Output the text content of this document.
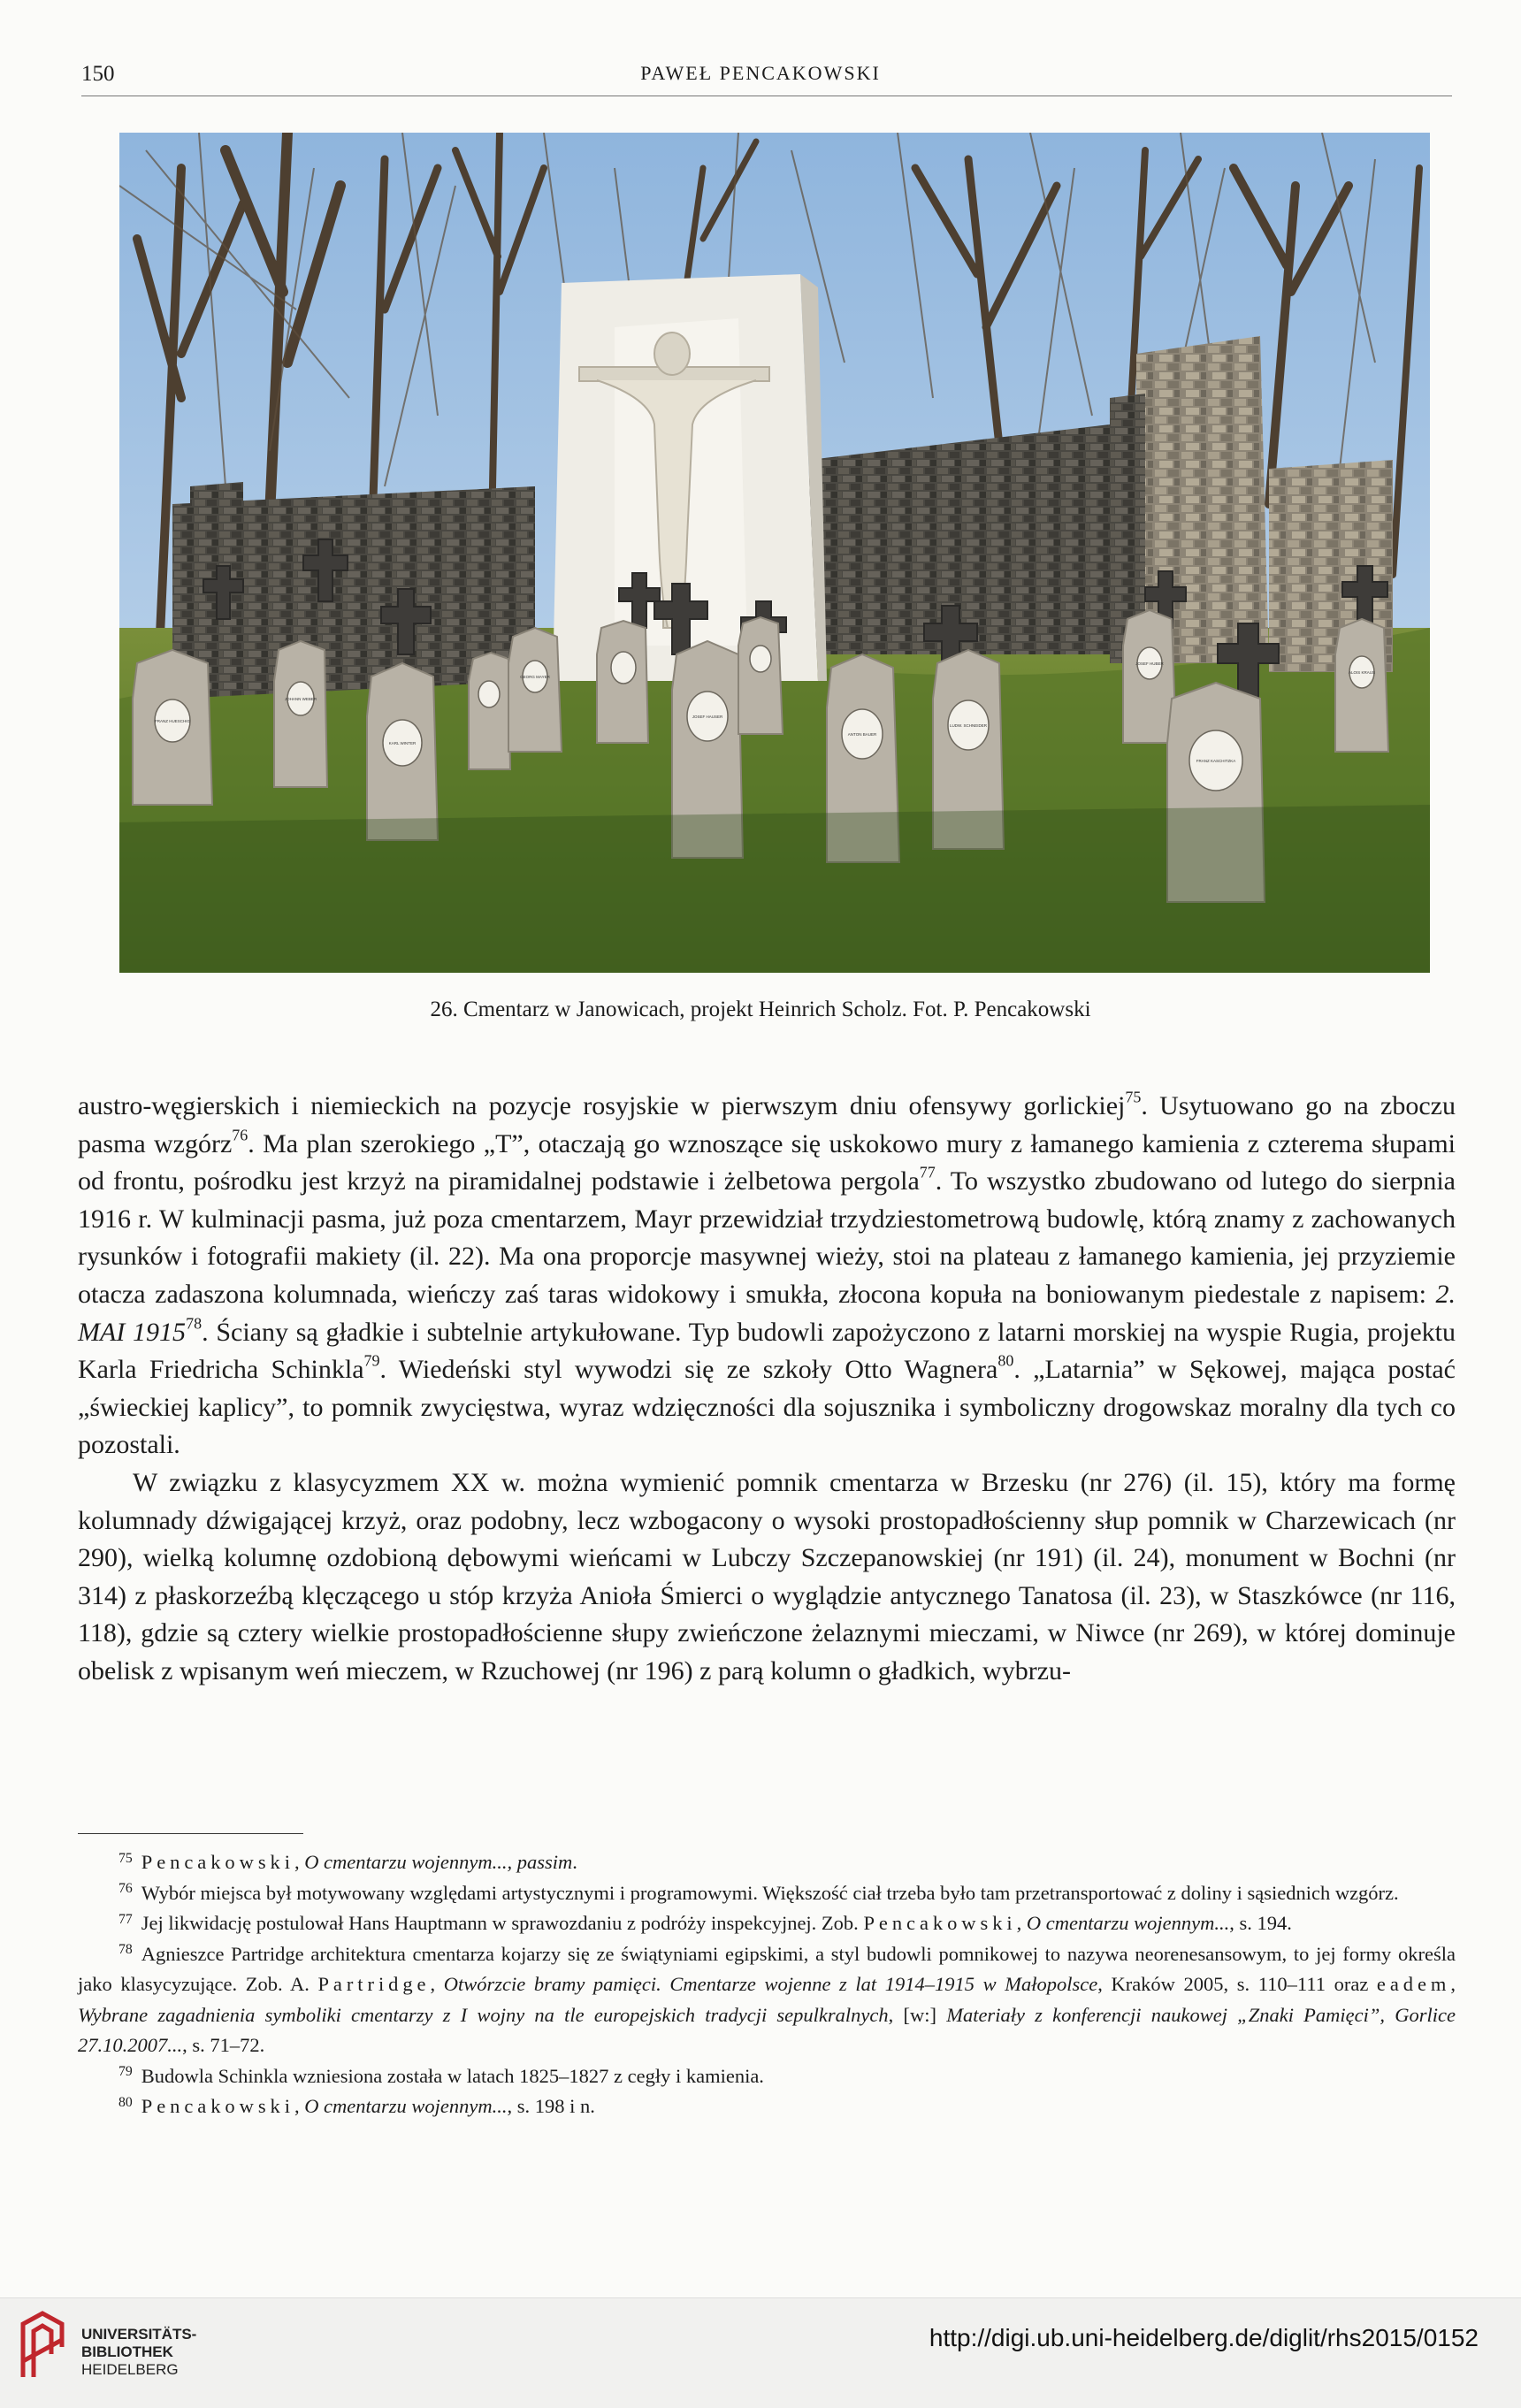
150	PAWEŁ PENCAKOWSKI
FRANZ HUESCHIG
KARL WINTER
JOSEF HAUSER
ANTON BAUER
LUDW. SCHNEIDER
JOHANN WEBER
GEORG MAYER
FRANZ KASCHITZKA
JOSEF HUBER
ALOIS KRAUS
26. Cmentarz w Janowicach, projekt Heinrich Scholz. Fot. P. Pencakowski

austro-węgierskich i niemieckich na pozycje rosyjskie w pierwszym dniu ofensywy gorlickiej$^{75}$. Usytuowano go na zboczu pasma wzgórz$^{76}$. Ma plan szerokiego „T”, otaczają go wznoszące się uskokowo mury z łamanego kamienia z czterema słupami od frontu, pośrodku jest krzyż na piramidalnej podstawie i żelbetowa pergola$^{77}$. To wszystko zbudowano od lutego do sierpnia 1916 r. W kulminacji pasma, już poza cmentarzem, Mayr przewidział trzydziestometrową budowlę, którą znamy z zachowanych rysunków i fotografii makiety (il. 22). Ma ona proporcje masywnej wieży, stoi na plateau z łamanego kamienia, jej przyziemie otacza zadaszona kolumnada, wieńczy zaś taras widokowy i smukła, złocona kopuła na boniowanym piedestale z napisem: 2. MAI 1915$^{78}$. Ściany są gładkie i subtelnie artykułowane. Typ budowli zapożyczono z latarni morskiej na wyspie Rugia, projektu Karla Friedricha Schinkla$^{79}$. Wiedeński styl wywodzi się ze szkoły Otto Wagnera$^{80}$. „Latarnia” w Sękowej, mająca postać „świeckiej kaplicy”, to pomnik zwycięstwa, wyraz wdzięczności dla sojusznika i symboliczny drogowskaz moralny dla tych co pozostali.

W związku z klasycyzmem XX w. można wymienić pomnik cmentarza w Brzesku (nr 276) (il. 15), który ma formę kolumnady dźwigającej krzyż, oraz podobny, lecz wzbogacony o wysoki prostopadłościenny słup pomnik w Charzewicach (nr 290), wielką kolumnę ozdobioną dębowymi wieńcami w Lubczy Szczepanowskiej (nr 191) (il. 24), monument w Bochni (nr 314) z płaskorzeźbą klęczącego u stóp krzyża Anioła Śmierci o wyglądzie antycznego Tanatosa (il. 23), w Staszkówce (nr 116, 118), gdzie są cztery wielkie prostopadłościenne słupy zwieńczone żelaznymi mieczami, w Niwce (nr 269), w której dominuje obelisk z wpisanym weń mieczem, w Rzuchowej (nr 196) z parą kolumn o gładkich, wybrzu-

$^{75}$ Pencakowski, O cmentarzu wojennym..., passim.

$^{76}$ Wybór miejsca był motywowany względami artystycznymi i programowymi. Większość ciał trzeba było tam przetransportować z doliny i sąsiednich wzgórz.

$^{77}$ Jej likwidację postulował Hans Hauptmann w sprawozdaniu z podróży inspekcyjnej. Zob. Pencakowski, O cmentarzu wojennym..., s. 194.

$^{78}$ Agnieszce Partridge architektura cmentarza kojarzy się ze świątyniami egipskimi, a styl budowli pomnikowej to nazywa neorenesansowym, to jej formy określa jako klasycyzujące. Zob. A. Partridge, Otwórzcie bramy pamięci. Cmentarze wojenne z lat 1914–1915 w Małopolsce, Kraków 2005, s. 110–111 oraz eadem, Wybrane zagadnienia symboliki cmentarzy z I wojny na tle europejskich tradycji sepulkralnych, [w:] Materiały z konferencji naukowej „Znaki Pamięci”, Gorlice 27.10.2007..., s. 71–72.

$^{79}$ Budowla Schinkla wzniesiona została w latach 1825–1827 z cegły i kamienia.

$^{80}$ Pencakowski, O cmentarzu wojennym..., s. 198 i n.

UNIVERSITÄTS-
BIBLIOTHEK
HEIDELBERG
http://digi.ub.uni-heidelberg.de/diglit/rhs2015/0152
